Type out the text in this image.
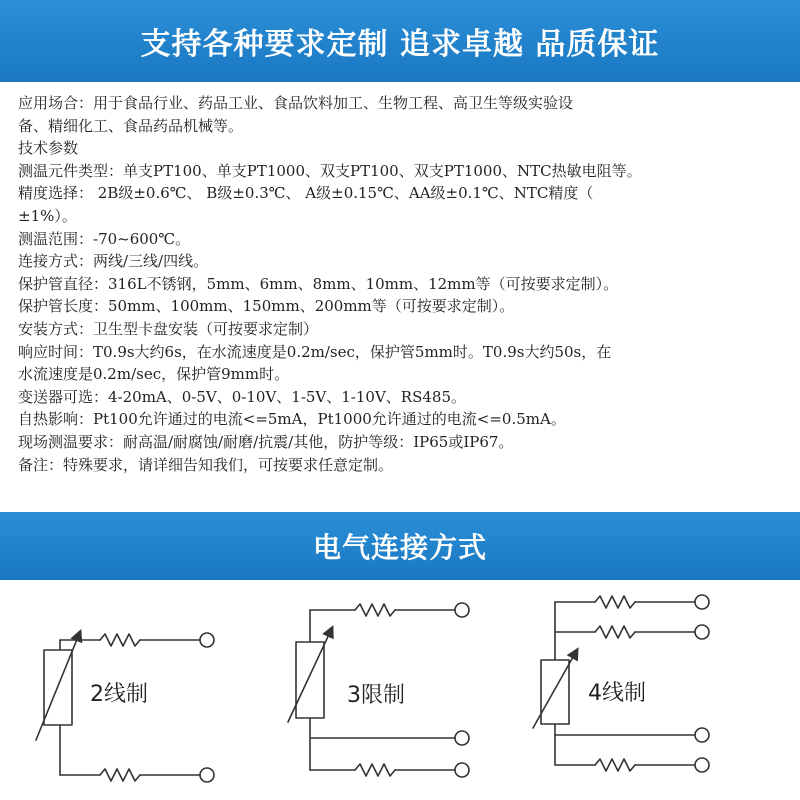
支持各种要求定制 追求卓越 品质保证
应用场合：用于食品行业、药品工业、食品饮料加工、生物工程、高卫生等级实验设
备、精细化工、食品药品机械等。
技术参数
测温元件类型：单支PT100、单支PT1000、双支PT100、双支PT1000、NTC热敏电阻等。
精度选择： 2B级±0.6℃、 B级±0.3℃、 A级±0.15℃、AA级±0.1℃、NTC精度（
±1%）。
测温范围：-70~600℃。
连接方式：两线/三线/四线。
保护管直径：316L不锈钢，5mm、6mm、8mm、10mm、12mm等（可按要求定制）。
保护管长度：50mm、100mm、150mm、200mm等（可按要求定制）。
安装方式：卫生型卡盘安装（可按要求定制）
响应时间：T0.9s大约6s，在水流速度是0.2m/sec，保护管5mm时。T0.9s大约50s，在
水流速度是0.2m/sec，保护管9mm时。
变送器可选：4-20mA、0-5V、0-10V、1-5V、1-10V、RS485。
自热影响：Pt100允许通过的电流<=5mA，Pt1000允许通过的电流<=0.5mA。
现场测温要求：耐高温/耐腐蚀/耐磨/抗震/其他，防护等级：IP65或IP67。
备注：特殊要求，请详细告知我们，可按要求任意定制。
电气连接方式
2线制	3限制	4线制
